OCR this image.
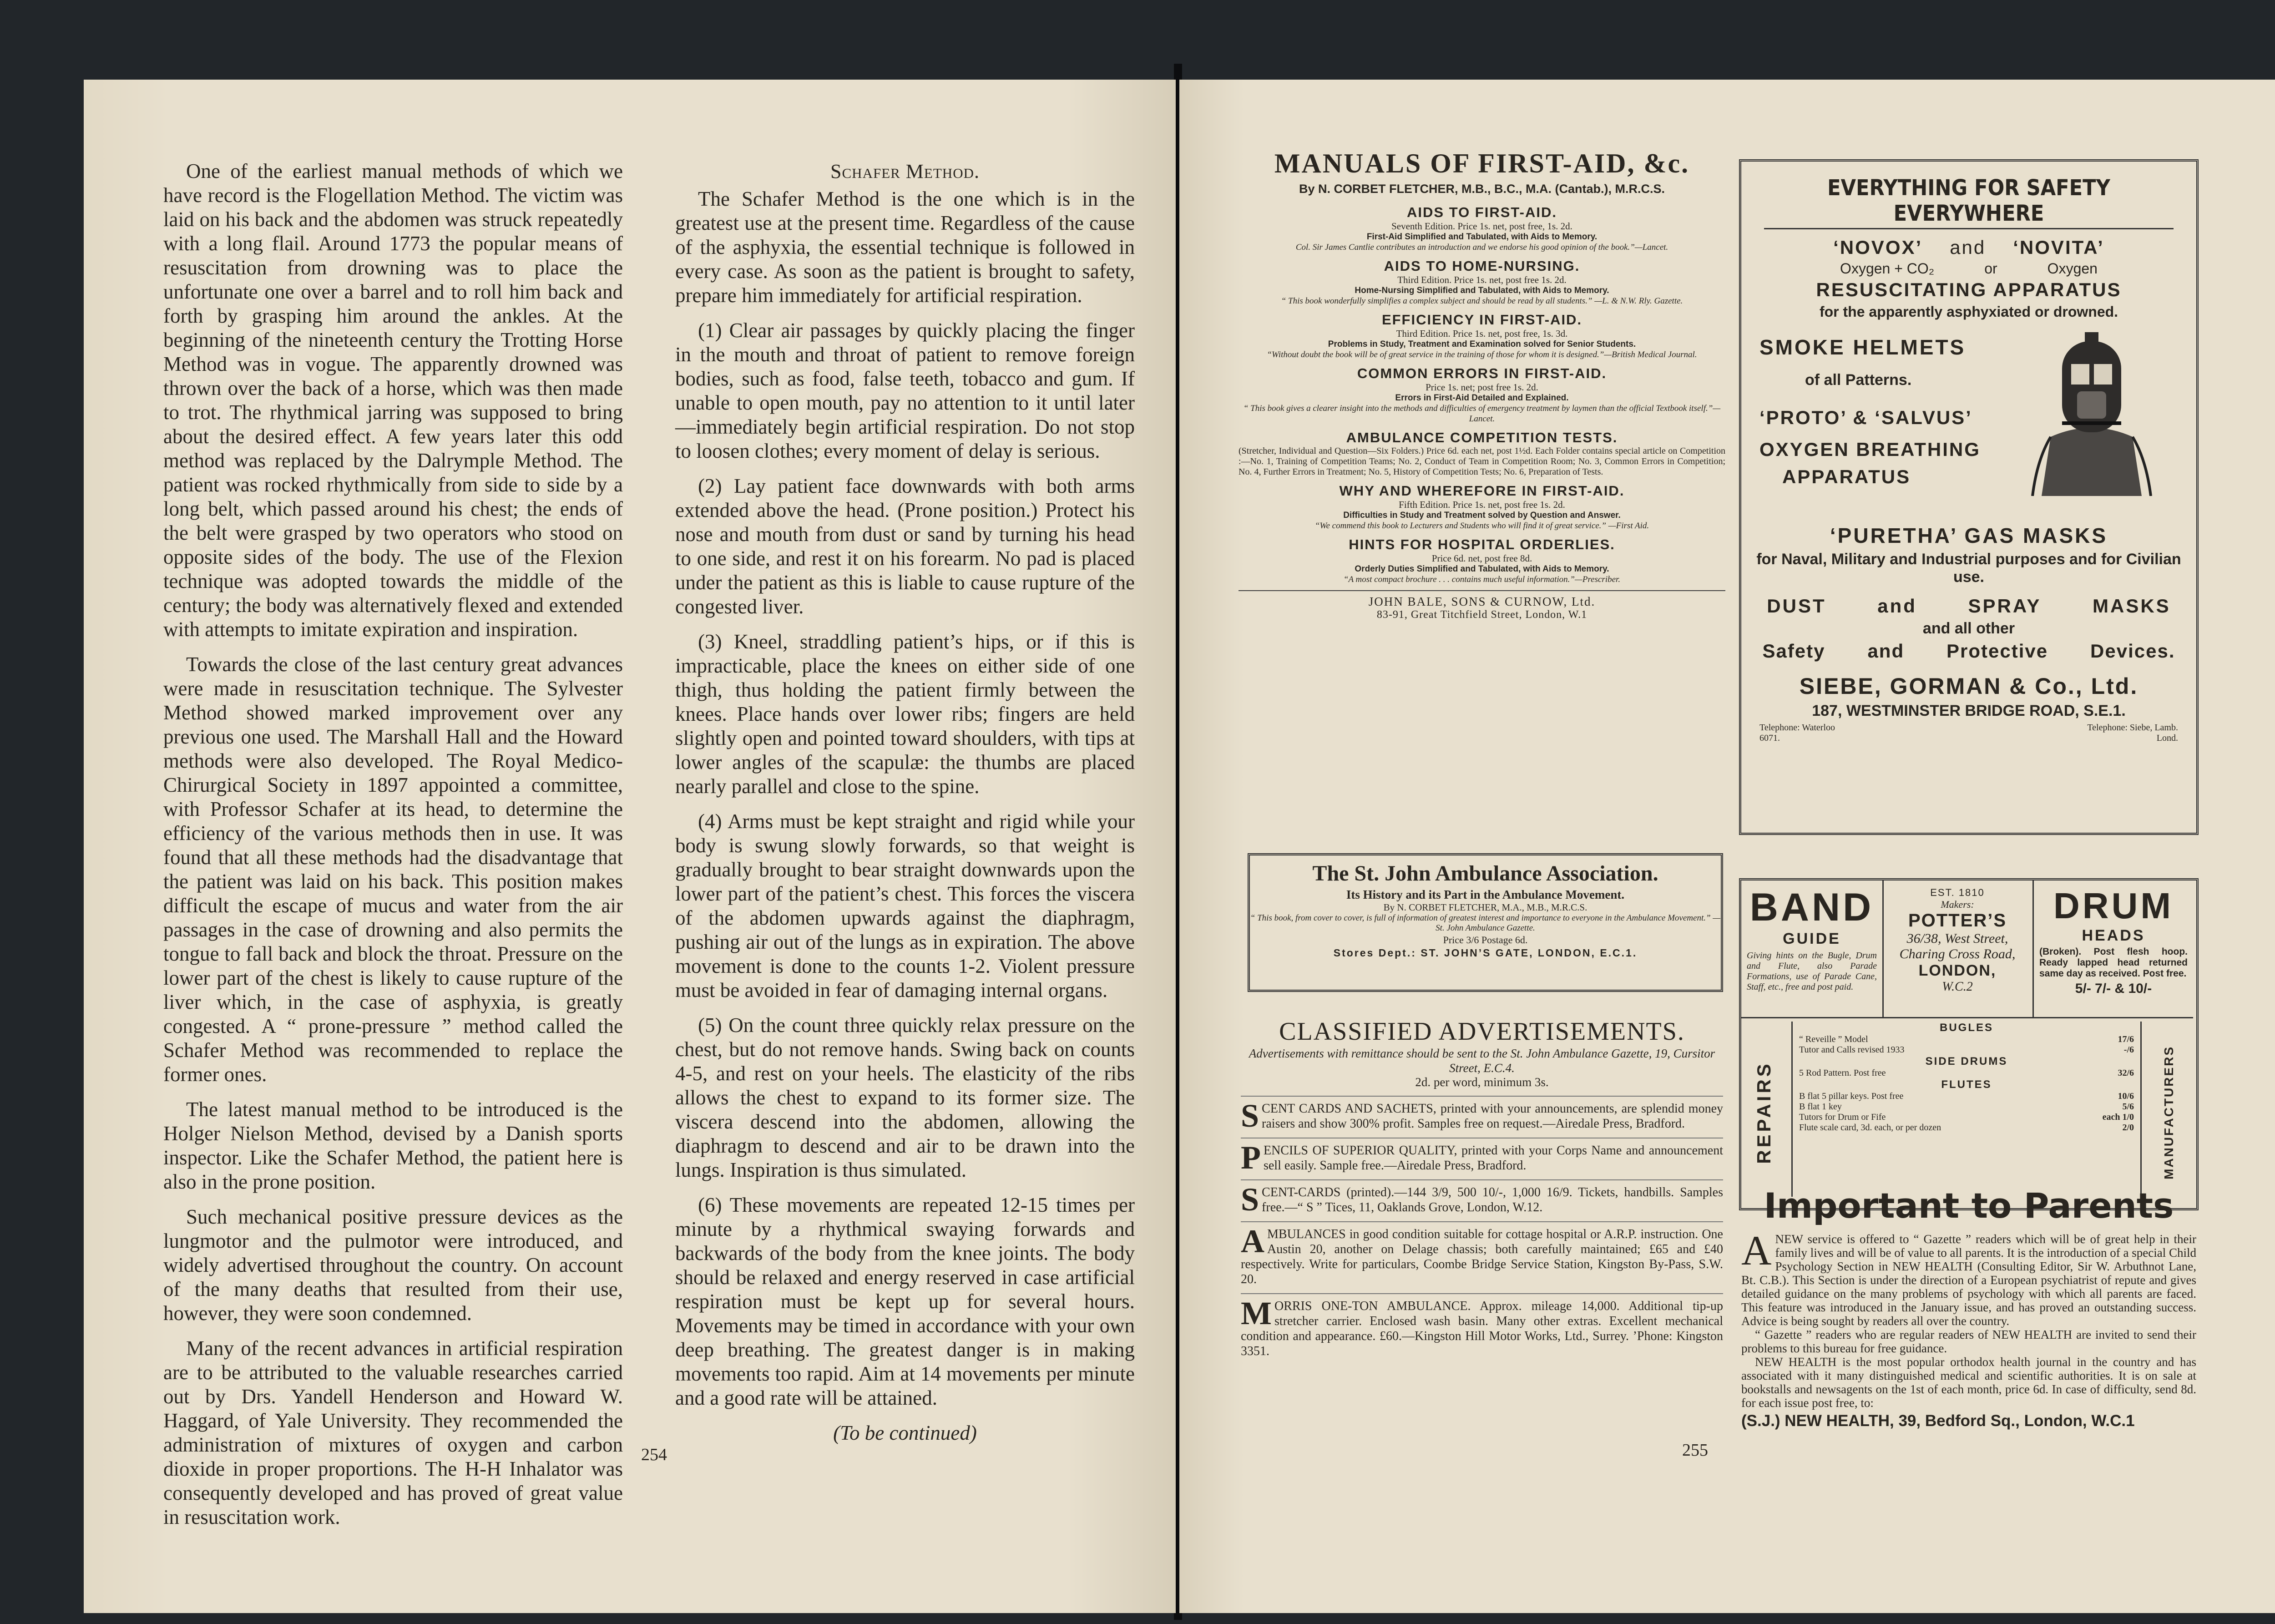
One of the earliest manual methods of which we have record is the Flogellation Method. The victim was laid on his back and the abdomen was struck repeatedly with a long flail. Around 1773 the popular means of resuscitation from drowning was to place the unfortunate one over a barrel and to roll him back and forth by grasping him around the ankles. At the beginning of the nineteenth century the Trotting Horse Method was in vogue. The apparently drowned was thrown over the back of a horse, which was then made to trot. The rhythmical jarring was supposed to bring about the desired effect. A few years later this odd method was replaced by the Dalrymple Method. The patient was rocked rhythmically from side to side by a long belt, which passed around his chest; the ends of the belt were grasped by two operators who stood on opposite sides of the body. The use of the Flexion technique was adopted towards the middle of the century; the body was alternatively flexed and extended with attempts to imitate expiration and inspiration.

Towards the close of the last century great advances were made in resuscitation technique. The Sylvester Method showed marked improvement over any previous one used. The Marshall Hall and the Howard methods were also developed. The Royal Medico-Chirurgical Society in 1897 appointed a committee, with Professor Schafer at its head, to determine the efficiency of the various methods then in use. It was found that all these methods had the disadvantage that the patient was laid on his back. This position makes difficult the escape of mucus and water from the air passages in the case of drowning and also permits the tongue to fall back and block the throat. Pressure on the lower part of the chest is likely to cause rupture of the liver which, in the case of asphyxia, is greatly congested. A “ prone-pressure ” method called the Schafer Method was recommended to replace the former ones.

The latest manual method to be introduced is the Holger Nielson Method, devised by a Danish sports inspector. Like the Schafer Method, the patient here is also in the prone position.

Such mechanical positive pressure devices as the lungmotor and the pulmotor were introduced, and widely advertised throughout the country. On account of the many deaths that resulted from their use, however, they were soon condemned.

Many of the recent advances in artificial respiration are to be attributed to the valuable researches carried out by Drs. Yandell Henderson and Howard W. Haggard, of Yale University. They recommended the administration of mixtures of oxygen and carbon dioxide in proper proportions. The H-H Inhalator was consequently developed and has proved of great value in resuscitation work.

Schafer Method.

The Schafer Method is the one which is in the greatest use at the present time. Regardless of the cause of the asphyxia, the essential technique is followed in every case. As soon as the patient is brought to safety, prepare him immediately for artificial respiration.

(1) Clear air passages by quickly placing the finger in the mouth and throat of patient to remove foreign bodies, such as food, false teeth, tobacco and gum. If unable to open mouth, pay no attention to it until later—immediately begin artificial respiration. Do not stop to loosen clothes; every moment of delay is serious.

(2) Lay patient face downwards with both arms extended above the head. (Prone position.) Protect his nose and mouth from dust or sand by turning his head to one side, and rest it on his forearm. No pad is placed under the patient as this is liable to cause rupture of the congested liver.

(3) Kneel, straddling patient’s hips, or if this is impracticable, place the knees on either side of one thigh, thus holding the patient firmly between the knees. Place hands over lower ribs; fingers are held slightly open and pointed toward shoulders, with tips at lower angles of the scapulæ: the thumbs are placed nearly parallel and close to the spine.

(4) Arms must be kept straight and rigid while your body is swung slowly forwards, so that weight is gradually brought to bear straight downwards upon the lower part of the patient’s chest. This forces the viscera of the abdomen upwards against the diaphragm, pushing air out of the lungs as in expiration. The above movement is done to the counts 1-2. Violent pressure must be avoided in fear of damaging internal organs.

(5) On the count three quickly relax pressure on the chest, but do not remove hands. Swing back on counts 4-5, and rest on your heels. The elasticity of the ribs allows the chest to expand to its former size. The viscera descend into the abdomen, allowing the diaphragm to descend and air to be drawn into the lungs. Inspiration is thus simulated.

(6) These movements are repeated 12-15 times per minute by a rhythmical swaying forwards and backwards of the body from the knee joints. The body should be relaxed and energy reserved in case artificial respiration must be kept up for several hours. Movements may be timed in accordance with your own deep breathing. The greatest danger is in making movements too rapid. Aim at 14 movements per minute and a good rate will be attained.

(To be continued)
254

MANUALS OF FIRST-AID, &c.

By N. CORBET FLETCHER, M.B., B.C., M.A. (Cantab.), M.R.C.S.

AIDS TO FIRST-AID.

Seventh Edition. Price 1s. net, post free, 1s. 2d.

First-Aid Simplified and Tabulated, with Aids to Memory.

Col. Sir James Cantlie contributes an introduction and we endorse his good opinion of the book.”—Lancet.

AIDS TO HOME-NURSING.

Third Edition. Price 1s. net, post free 1s. 2d.

Home-Nursing Simplified and Tabulated, with Aids to Memory.

“ This book wonderfully simplifies a complex subject and should be read by all students.” —L. & N.W. Rly. Gazette.

EFFICIENCY IN FIRST-AID.

Third Edition. Price 1s. net, post free, 1s. 3d.

Problems in Study, Treatment and Examination solved for Senior Students.

“Without doubt the book will be of great service in the training of those for whom it is designed.”—British Medical Journal.

COMMON ERRORS IN FIRST-AID.

Price 1s. net; post free 1s. 2d.

Errors in First-Aid Detailed and Explained.

“ This book gives a clearer insight into the methods and difficulties of emergency treatment by laymen than the official Textbook itself.”—Lancet.

AMBULANCE COMPETITION TESTS.

(Stretcher, Individual and Question—Six Folders.) Price 6d. each net, post 1½d. Each Folder contains special article on Competition :—No. 1, Training of Competition Teams; No. 2, Conduct of Team in Competition Room; No. 3, Common Errors in Competition; No. 4, Further Errors in Treatment; No. 5, History of Competition Tests; No. 6, Preparation of Tests.

WHY AND WHEREFORE IN FIRST-AID.

Fifth Edition. Price 1s. net, post free 1s. 2d.

Difficulties in Study and Treatment solved by Question and Answer.

“We commend this book to Lecturers and Students who will find it of great service.” —First Aid.

HINTS FOR HOSPITAL ORDERLIES.

Price 6d. net, post free 8d.

Orderly Duties Simplified and Tabulated, with Aids to Memory.

“A most compact brochure . . . contains much useful information.”—Prescriber.

JOHN BALE, SONS & CURNOW, Ltd.
83-91, Great Titchfield Street, London, W.1

The St. John Ambulance Association.

Its History and its Part in the Ambulance Movement.

By N. CORBET FLETCHER, M.A., M.B., M.R.C.S.

“ This book, from cover to cover, is full of information of greatest interest and importance to everyone in the Ambulance Movement.” —

St. John Ambulance Gazette.

Price 3/6 Postage 6d.

Stores Dept.: ST. JOHN’S GATE, LONDON, E.C.1.

CLASSIFIED ADVERTISEMENTS.

Advertisements with remittance should be sent to the St. John Ambulance Gazette, 19, Cursitor Street, E.C.4.

2d. per word, minimum 3s.

SCENT CARDS AND SACHETS, printed with your announcements, are splendid money raisers and show 300% profit. Samples free on request.—Airedale Press, Bradford.

PENCILS OF SUPERIOR QUALITY, printed with your Corps Name and announcement sell easily. Sample free.—Airedale Press, Bradford.

SCENT-CARDS (printed).—144 3/9, 500 10/-, 1,000 16/9. Tickets, handbills. Samples free.—“ S ” Tices, 11, Oaklands Grove, London, W.12.

AMBULANCES in good condition suitable for cottage hospital or A.R.P. instruction. One Austin 20, another on Delage chassis; both carefully maintained; £65 and £40 respectively. Write for particulars, Coombe Bridge Service Station, Kingston By-Pass, S.W. 20.

MORRIS ONE-TON AMBULANCE. Approx. mileage 14,000. Additional tip-up stretcher carrier. Enclosed wash basin. Many other extras. Excellent mechanical condition and appearance. £60.—Kingston Hill Motor Works, Ltd., Surrey. ’Phone: Kingston 3351.

EVERYTHING FOR SAFETY EVERYWHERE
‘NOVOX’ and ‘NOVITA’
Oxygen + CO₂	or	Oxygen
RESUSCITATING APPARATUS
for the apparently asphyxiated or drowned.
SMOKE HELMETS
of all Patterns.
‘PROTO’ & ‘SALVUS’
OXYGEN BREATHING
APPARATUS
‘PURETHA’ GAS MASKS
for Naval, Military and Industrial purposes and for Civilian use.
DUST	and	SPRAY	MASKS
and all other
Safety and Protective Devices.
SIEBE, GORMAN & Co., Ltd.
187, WESTMINSTER BRIDGE ROAD, S.E.1.
Telephone: Waterloo 6071.
Telephone: Siebe, Lamb. Lond.
BAND
GUIDE
Giving hints on the Bugle, Drum and Flute, also Parade Formations, use of Parade Cane, Staff, etc., free and post paid.
EST. 1810
Makers:
POTTER’S
36/38, West Street, Charing Cross Road,
LONDON,
W.C.2
DRUM
HEADS
(Broken). Post flesh hoop. Ready lapped head returned same day as received. Post free.
5/- 7/- & 10/-
REPAIRS	MANUFACTURERS
BUGLES
“ Reveille ” Model	17/6
Tutor and Calls revised 1933	-/6
SIDE DRUMS
5 Rod Pattern. Post free	32/6
FLUTES
B flat 5 pillar keys. Post free	10/6
B flat 1 key	5/6
Tutors for Drum or Fife	each 1/0
Flute scale card, 3d. each, or per dozen	2/0

Important to Parents

ANEW service is offered to “ Gazette ” readers which will be of great help in their family lives and will be of value to all parents. It is the introduction of a special Child Psychology Section in NEW HEALTH (Consulting Editor, Sir W. Arbuthnot Lane, Bt. C.B.). This Section is under the direction of a European psychiatrist of repute and gives detailed guidance on the many problems of psychology with which all parents are faced. This feature was introduced in the January issue, and has proved an outstanding success. Advice is being sought by readers all over the country.
“ Gazette ” readers who are regular readers of NEW HEALTH are invited to send their problems to this bureau for free guidance.
NEW HEALTH is the most popular orthodox health journal in the country and has associated with it many distinguished medical and scientific authorities. It is on sale at bookstalls and newsagents on the 1st of each month, price 6d. In case of difficulty, send 8d. for each issue post free, to:
(S.J.) NEW HEALTH, 39, Bedford Sq., London, W.C.1
255
